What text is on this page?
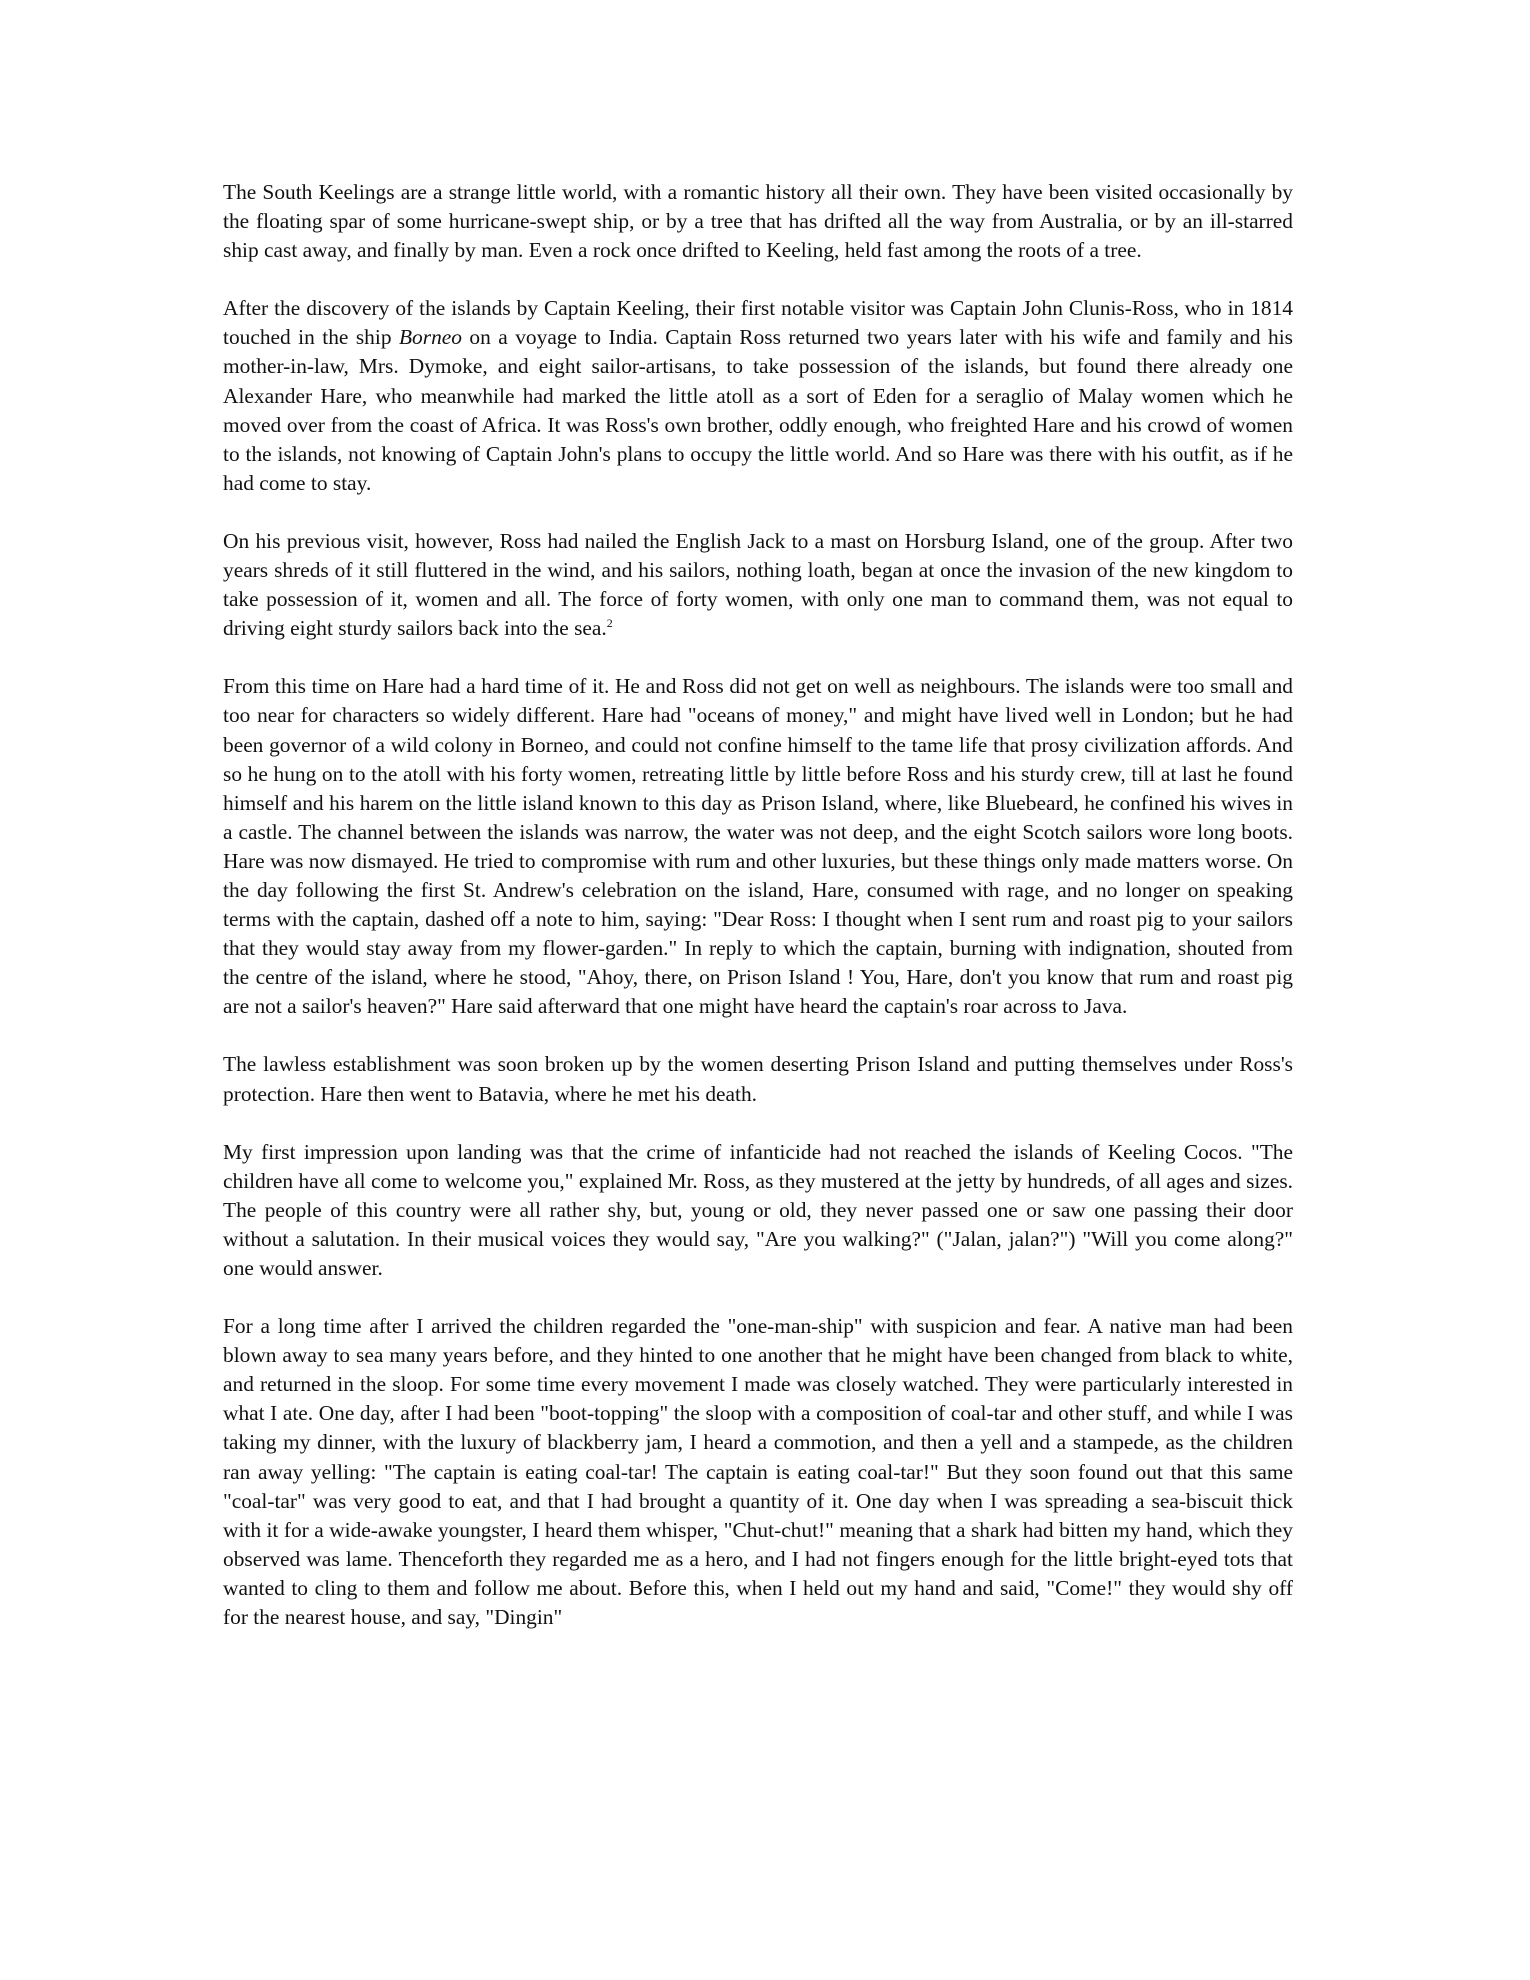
The South Keelings are a strange little world, with a romantic history all their own. They have been visited occasionally by the floating spar of some hurricane-swept ship, or by a tree that has drifted all the way from Australia, or by an ill-starred ship cast away, and finally by man. Even a rock once drifted to Keeling, held fast among the roots of a tree.

After the discovery of the islands by Captain Keeling, their first notable visitor was Captain John Clunis-Ross, who in 1814 touched in the ship Borneo on a voyage to India. Captain Ross returned two years later with his wife and family and his mother-in-law, Mrs. Dymoke, and eight sailor-artisans, to take possession of the islands, but found there already one Alexander Hare, who meanwhile had marked the little atoll as a sort of Eden for a seraglio of Malay women which he moved over from the coast of Africa. It was Ross's own brother, oddly enough, who freighted Hare and his crowd of women to the islands, not knowing of Captain John's plans to occupy the little world. And so Hare was there with his outfit, as if he had come to stay.

On his previous visit, however, Ross had nailed the English Jack to a mast on Horsburg Island, one of the group. After two years shreds of it still fluttered in the wind, and his sailors, nothing loath, began at once the invasion of the new kingdom to take possession of it, women and all. The force of forty women, with only one man to command them, was not equal to driving eight sturdy sailors back into the sea.$^2$

From this time on Hare had a hard time of it. He and Ross did not get on well as neighbours. The islands were too small and too near for characters so widely different. Hare had "oceans of money," and might have lived well in London; but he had been governor of a wild colony in Borneo, and could not confine himself to the tame life that prosy civilization affords. And so he hung on to the atoll with his forty women, retreating little by little before Ross and his sturdy crew, till at last he found himself and his harem on the little island known to this day as Prison Island, where, like Bluebeard, he confined his wives in a castle. The channel between the islands was narrow, the water was not deep, and the eight Scotch sailors wore long boots. Hare was now dismayed. He tried to compromise with rum and other luxuries, but these things only made matters worse. On the day following the first St. Andrew's celebration on the island, Hare, consumed with rage, and no longer on speaking terms with the captain, dashed off a note to him, saying: "Dear Ross: I thought when I sent rum and roast pig to your sailors that they would stay away from my flower-garden." In reply to which the captain, burning with indignation, shouted from the centre of the island, where he stood, "Ahoy, there, on Prison Island ! You, Hare, don't you know that rum and roast pig are not a sailor's heaven?" Hare said afterward that one might have heard the captain's roar across to Java.

The lawless establishment was soon broken up by the women deserting Prison Island and putting themselves under Ross's protection. Hare then went to Batavia, where he met his death.

My first impression upon landing was that the crime of infanticide had not reached the islands of Keeling Cocos. "The children have all come to welcome you," explained Mr. Ross, as they mustered at the jetty by hundreds, of all ages and sizes. The people of this country were all rather shy, but, young or old, they never passed one or saw one passing their door without a salutation. In their musical voices they would say, "Are you walking?" ("Jalan, jalan?") "Will you come along?" one would answer.

For a long time after I arrived the children regarded the "one-man-ship" with suspicion and fear. A native man had been blown away to sea many years before, and they hinted to one another that he might have been changed from black to white, and returned in the sloop. For some time every movement I made was closely watched. They were particularly interested in what I ate. One day, after I had been "boot-topping" the sloop with a composition of coal-tar and other stuff, and while I was taking my dinner, with the luxury of blackberry jam, I heard a commotion, and then a yell and a stampede, as the children ran away yelling: "The captain is eating coal-tar! The captain is eating coal-tar!" But they soon found out that this same "coal-tar" was very good to eat, and that I had brought a quantity of it. One day when I was spreading a sea-biscuit thick with it for a wide-awake youngster, I heard them whisper, "Chut-chut!" meaning that a shark had bitten my hand, which they observed was lame. Thenceforth they regarded me as a hero, and I had not fingers enough for the little bright-eyed tots that wanted to cling to them and follow me about. Before this, when I held out my hand and said, "Come!" they would shy off for the nearest house, and say, "Dingin"
